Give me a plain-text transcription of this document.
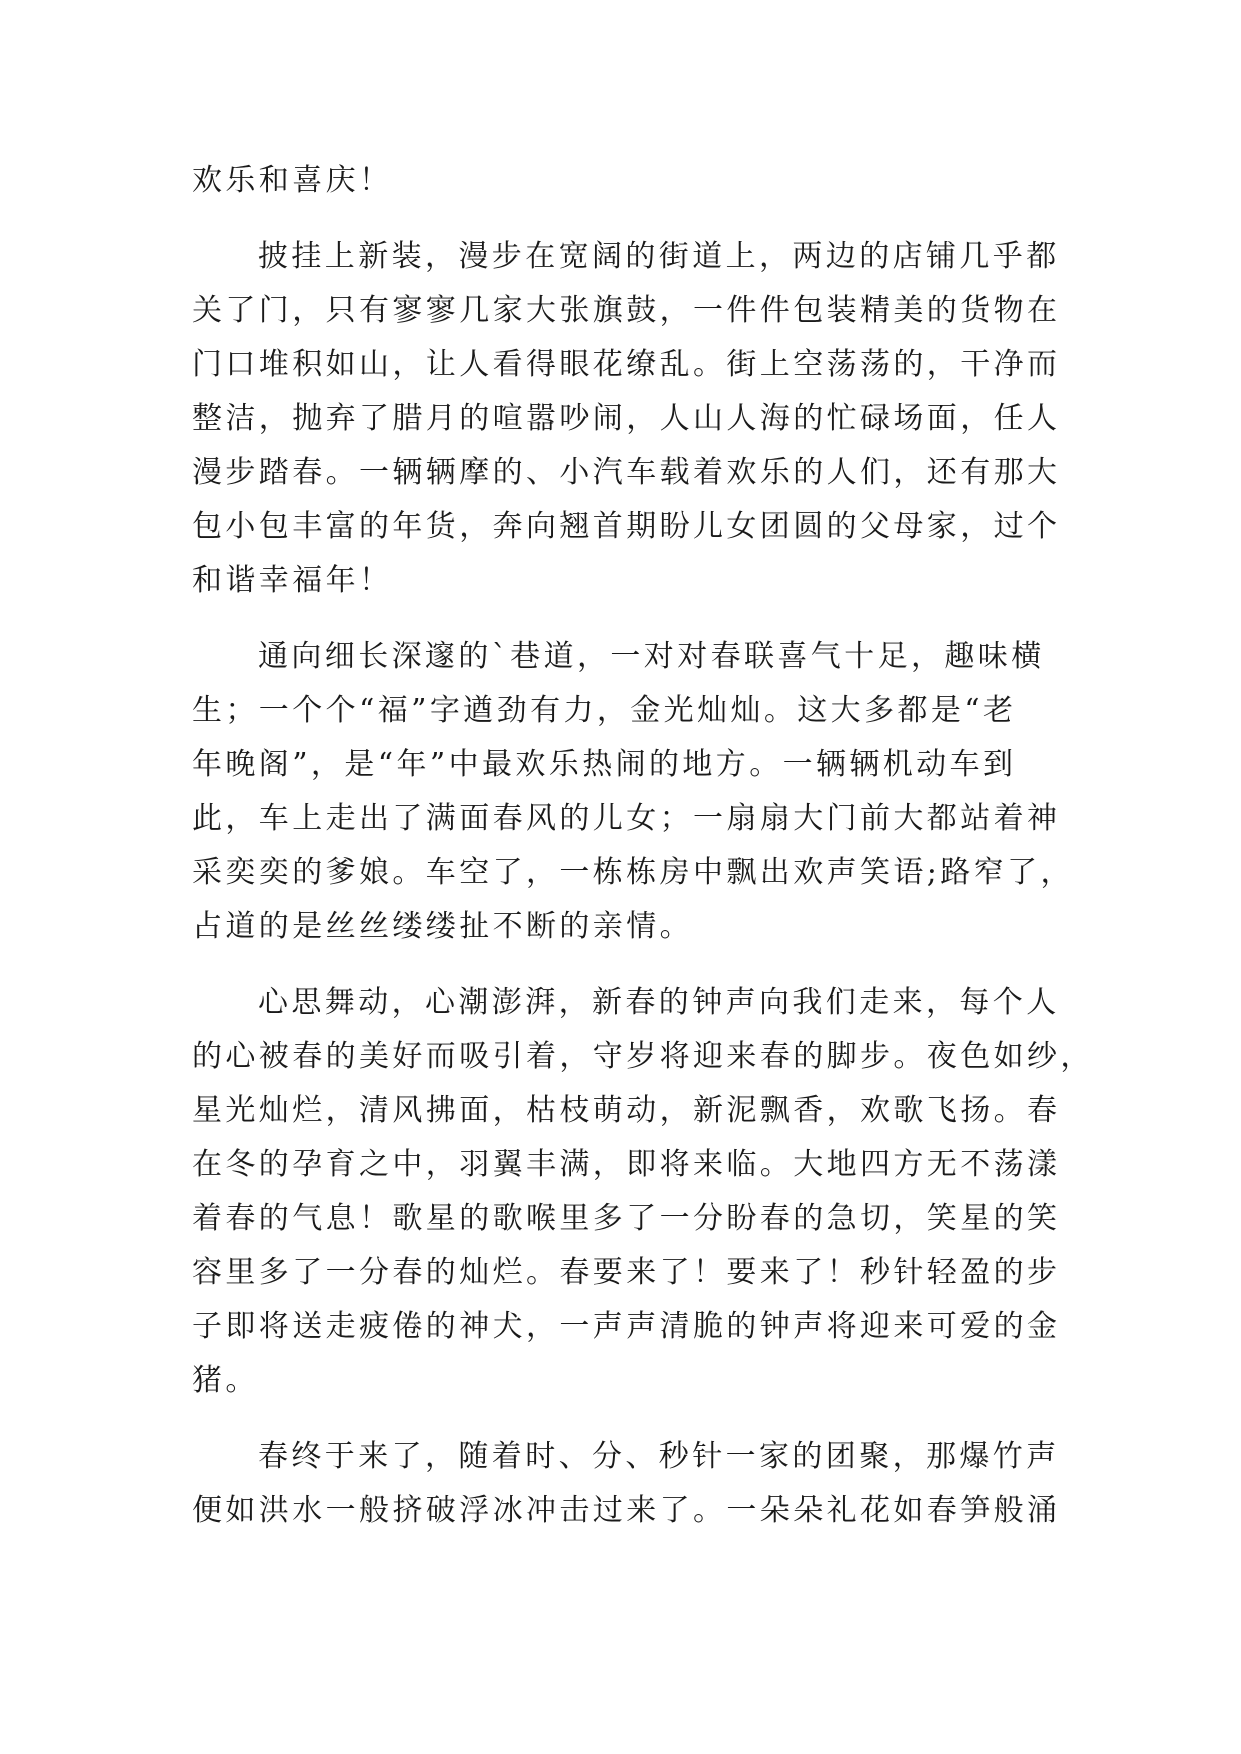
欢乐和喜庆！
披挂上新装，漫步在宽阔的街道上，两边的店铺几乎都
关了门，只有寥寥几家大张旗鼓，一件件包装精美的货物在
门口堆积如山，让人看得眼花缭乱。街上空荡荡的，干净而
整洁，抛弃了腊月的喧嚣吵闹，人山人海的忙碌场面，任人
漫步踏春。一辆辆摩的、小汽车载着欢乐的人们，还有那大
包小包丰富的年货，奔向翘首期盼儿女团圆的父母家，过个
和谐幸福年！
通向细长深邃的`巷道，一对对春联喜气十足，趣味横
生；一个个“福”字遒劲有力，金光灿灿。这大多都是“老
年晚阁”，是“年”中最欢乐热闹的地方。一辆辆机动车到
此，车上走出了满面春风的儿女；一扇扇大门前大都站着神
采奕奕的爹娘。车空了，一栋栋房中飘出欢声笑语;路窄了，
占道的是丝丝缕缕扯不断的亲情。
心思舞动，心潮澎湃，新春的钟声向我们走来，每个人
的心被春的美好而吸引着，守岁将迎来春的脚步。夜色如纱，
星光灿烂，清风拂面，枯枝萌动，新泥飘香，欢歌飞扬。春
在冬的孕育之中，羽翼丰满，即将来临。大地四方无不荡漾
着春的气息！歌星的歌喉里多了一分盼春的急切，笑星的笑
容里多了一分春的灿烂。春要来了！要来了！秒针轻盈的步
子即将送走疲倦的神犬，一声声清脆的钟声将迎来可爱的金
猪。
春终于来了，随着时、分、秒针一家的团聚，那爆竹声
便如洪水一般挤破浮冰冲击过来了。一朵朵礼花如春笋般涌
